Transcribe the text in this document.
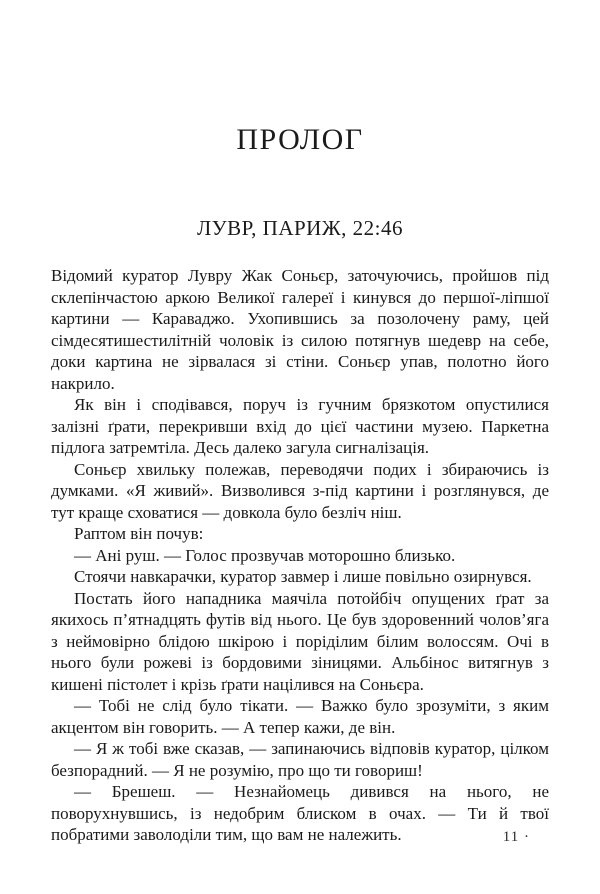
ПРОЛОГ
ЛУВР, ПАРИЖ, 22:46

Відомий куратор Лувру Жак Соньєр, заточуючись, пройшов під склепінчастою аркою Великої галереї і кинувся до першої-ліпшої картини — Караваджо. Ухопившись за позолочену раму, цей сімдесятишестилітній чоловік із силою потягнув шедевр на себе, доки картина не зірвалася зі стіни. Соньєр упав, полотно його накрило.

Як він і сподівався, поруч із гучним брязкотом опустилися залізні ґрати, перекривши вхід до цієї частини музею. Паркетна підлога затремтіла. Десь далеко загула сигналізація.

Соньєр хвильку полежав, переводячи подих і збираючись із думками. «Я живий». Визволився з-під картини і розглянувся, де тут краще сховатися — довкола було безліч ніш.

Раптом він почув:

— Ані руш. — Голос прозвучав моторошно близько.

Стоячи навкарачки, куратор завмер і лише повільно озирнувся.

Постать його нападника маячіла потойбіч опущених ґрат за якихось п’ятнадцять футів від нього. Це був здоровенний чолов’яга з неймовірно блідою шкірою і поріділим білим волоссям. Очі в нього були рожеві із бордовими зіницями. Альбінос витягнув з кишені пістолет і крізь ґрати націлився на Соньєра.

— Тобі не слід було тікати. — Важко було зрозуміти, з яким акцентом він говорить. — А тепер кажи, де він.

— Я ж тобі вже сказав, — запинаючись відповів куратор, цілком безпорадний. — Я не розумію, про що ти говориш!

— Брешеш. — Незнайомець дивився на нього, не поворухнувшись, із недобрим блиском в очах. — Ти й твої побратими заволоділи тим, що вам не належить.	11 ·
